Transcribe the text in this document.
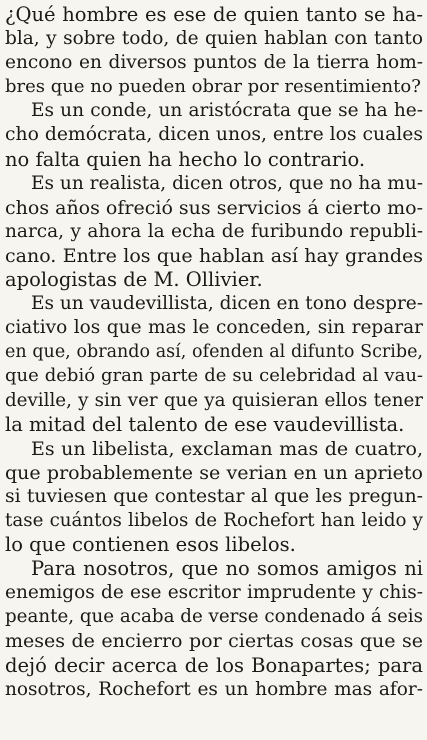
¿Qué hombre es ese de quien tanto se ha-
bla, y sobre todo, de quien hablan con tanto
encono en diversos puntos de la tierra hom-
bres que no pueden obrar por resentimiento?
Es un conde, un aristócrata que se ha he-
cho demócrata, dicen unos, entre los cuales
no falta quien ha hecho lo contrario.
Es un realista, dicen otros, que no ha mu-
chos años ofreció sus servicios á cierto mo-
narca, y ahora la echa de furibundo republi-
cano. Entre los que hablan así hay grandes
apologistas de M. Ollivier.
Es un vaudevillista, dicen en tono despre-
ciativo los que mas le conceden, sin reparar
en que, obrando así, ofenden al difunto Scribe,
que debió gran parte de su celebridad al vau-
deville, y sin ver que ya quisieran ellos tener
la mitad del talento de ese vaudevillista.
Es un libelista, exclaman mas de cuatro,
que probablemente se verian en un aprieto
si tuviesen que contestar al que les pregun-
tase cuántos libelos de Rochefort han leido y
lo que contienen esos libelos.
Para nosotros, que no somos amigos ni
enemigos de ese escritor imprudente y chis-
peante, que acaba de verse condenado á seis
meses de encierro por ciertas cosas que se
dejó decir acerca de los Bonapartes; para
nosotros, Rochefort es un hombre mas afor-
